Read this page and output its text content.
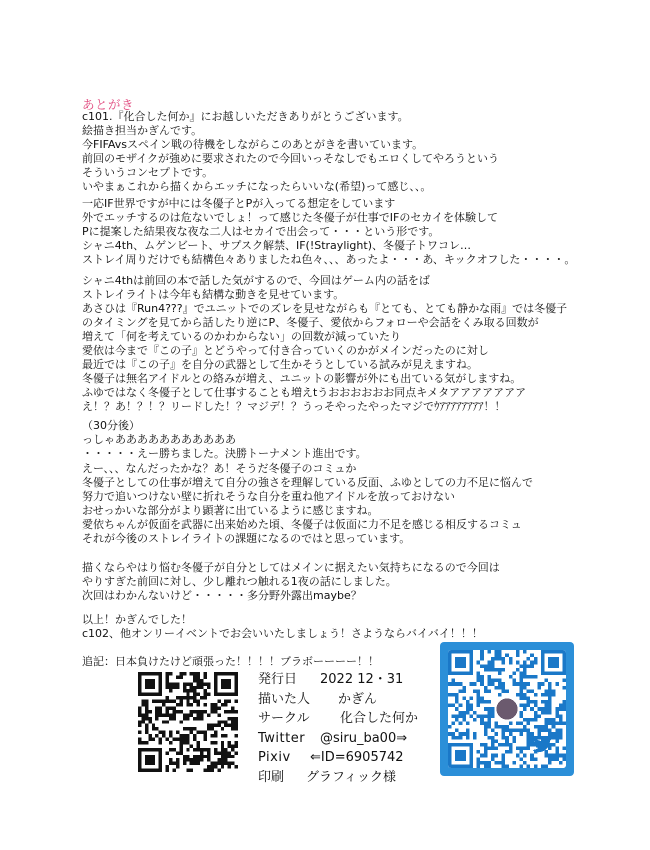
あとがき
c101.『化合した何か』にお越しいただきありがとうございます。
絵描き担当かぎんです。
今FIFAvsスペイン戦の待機をしながらこのあとがきを書いています。
前回のモザイクが強めに要求されたので今回いっそなしでもエロくしてやろうという
そういうコンセプトです。
いやまぁこれから描くからエッチになったらいいな(希望)って感じ、、。
一応IF世界ですが中には冬優子とPが入ってる想定をしています
外でエッチするのは危ないでしょ！って感じた冬優子が仕事でIFのセカイを体験して
Pに提案した結果夜な夜な二人はセカイで出会って・・・という形です。
シャニ4th、ムゲンビート、サプスク解禁、IF(!Straylight)、冬優子トワコレ…
ストレイ周りだけでも結構色々ありましたね色々、、、あったよ・・・あ、キックオフした・・・・。
シャニ4thは前回の本で話した気がするので、今回はゲーム内の話をば
ストレイライトは今年も結構な動きを見せています。
あさひは『Run4???』でユニットでのズレを見せながらも『とても、とても静かな雨』では冬優子
のタイミングを見てから話したり逆にP、冬優子、愛依からフォローや会話をくみ取る回数が
増えて「何を考えているのかわからない」の回数が減っていたり
愛依は今まで『この子』とどうやって付き合っていくのかがメインだったのに対し
最近では『この子』を自分の武器として生かそうとしている試みが見えますね。
冬優子は無名アイドルとの絡みが増え、ユニットの影響が外にも出ている気がしますね。
ふゆではなく冬優子として仕事することも増えtうおおおおおお同点キメタアアアアアアア
え！？あ！？！？リードした！？マジデ！？うっそやったやったマジでｳｱｱｱｱｱｱｱｱ！！
（30分後）
っしゃあああああああああああ
・・・・・えー勝ちました。決勝トーナメント進出です。
えー、、、なんだったかな？あ！そうだ冬優子のコミュか
冬優子としての仕事が増えて自分の強さを理解している反面、ふゆとしての力不足に悩んで
努力で追いつけない壁に折れそうな自分を重ね他アイドルを放っておけない
おせっかいな部分がより顕著に出ているように感じますね。
愛依ちゃんが仮面を武器に出来始めた頃、冬優子は仮面に力不足を感じる相反するコミュ
それが今後のストレイライトの課題になるのではと思っています。
描くならやはり悩む冬優子が自分としてはメインに据えたい気持ちになるので今回は
やりすぎた前回に対し、少し離れつ触れる1夜の話にしました。
次回はわかんないけど・・・・・多分野外露出maybe？
以上！かぎんでした！
c102、他オンリーイベントでお会いいたしましょう！さようならバイバイ！！！
追記：日本負けたけど頑張った！！！！ブラボーーーー！！
発行日	2022 12・31
描いた人	かぎん
サークル	化合した何か
Twitter	@siru_ba00⇒
Pixiv	⇐ID=6905742
印刷	グラフィック様
